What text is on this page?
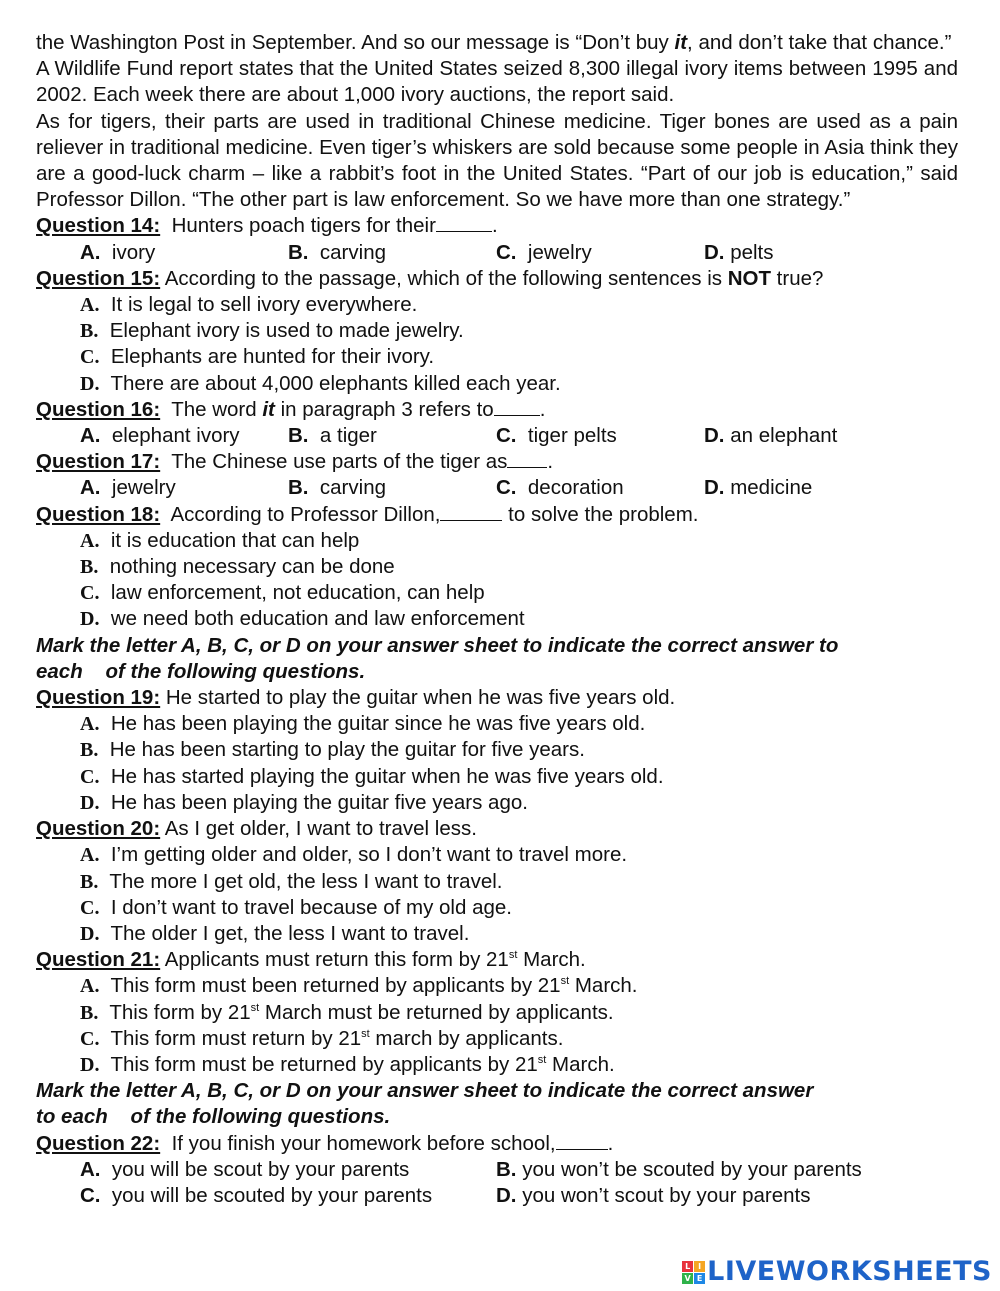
the Washington Post in September. And so our message is “Don’t buy it, and don’t take that chance.”

A Wildlife Fund report states that the United States seized 8,300 illegal ivory items between 1995 and 2002. Each week there are about 1,000 ivory auctions, the report said.

As for tigers, their parts are used in traditional Chinese medicine. Tiger bones are used as a pain reliever in traditional medicine. Even tiger’s whiskers are sold because some people in Asia think they are a good-luck charm – like a rabbit’s foot in the United States. “Part of our job is education,” said Professor Dillon. “The other part is law enforcement. So we have more than one strategy.”

Question 14: Hunters poach tigers for their	.

A. ivory	B. carving	C. jewelry	D. pelts

Question 15: According to the passage, which of the following sentences is NOT true?

A. It is legal to sell ivory everywhere.

B. Elephant ivory is used to made jewelry.

C. Elephants are hunted for their ivory.

D. There are about 4,000 elephants killed each year.

Question 16: The word it in paragraph 3 refers to .

A. elephant ivory	B. a tiger	C. tiger pelts	D. an elephant

Question 17: The Chinese use parts of the tiger as .

A. jewelry	B. carving	C. decoration	D. medicine

Question 18: According to Professor Dillon,	to solve the problem.

A. it is education that can help

B. nothing necessary can be done

C. law enforcement, not education, can help

D. we need both education and law enforcement

Mark the letter A, B, C, or D on your answer sheet to indicate the correct answer to

each    of the following questions.

Question 19: He started to play the guitar when he was five years old.

A. He has been playing the guitar since he was five years old.

B. He has been starting to play the guitar for five years.

C. He has started playing the guitar when he was five years old.

D. He has been playing the guitar five years ago.

Question 20: As I get older, I want to travel less.

A. I’m getting older and older, so I don’t want to travel more.

B. The more I get old, the less I want to travel.

C. I don’t want to travel because of my old age.

D. The older I get, the less I want to travel.

Question 21: Applicants must return this form by 21st March.

A. This form must been returned by applicants by 21st March.

B. This form by 21st March must be returned by applicants.

C. This form must return by 21st march by applicants.

D. This form must be returned by applicants by 21st March.

Mark the letter A, B, C, or D on your answer sheet to indicate the correct answer

to each    of the following questions.

Question 22: If you finish your homework before school,	.

A. you will be scout by your parents	B. you won’t be scouted by your parents
C. you will be scouted by your parents	D. you won’t scout by your parents
L I
V E LIVEWORKSHEETS
